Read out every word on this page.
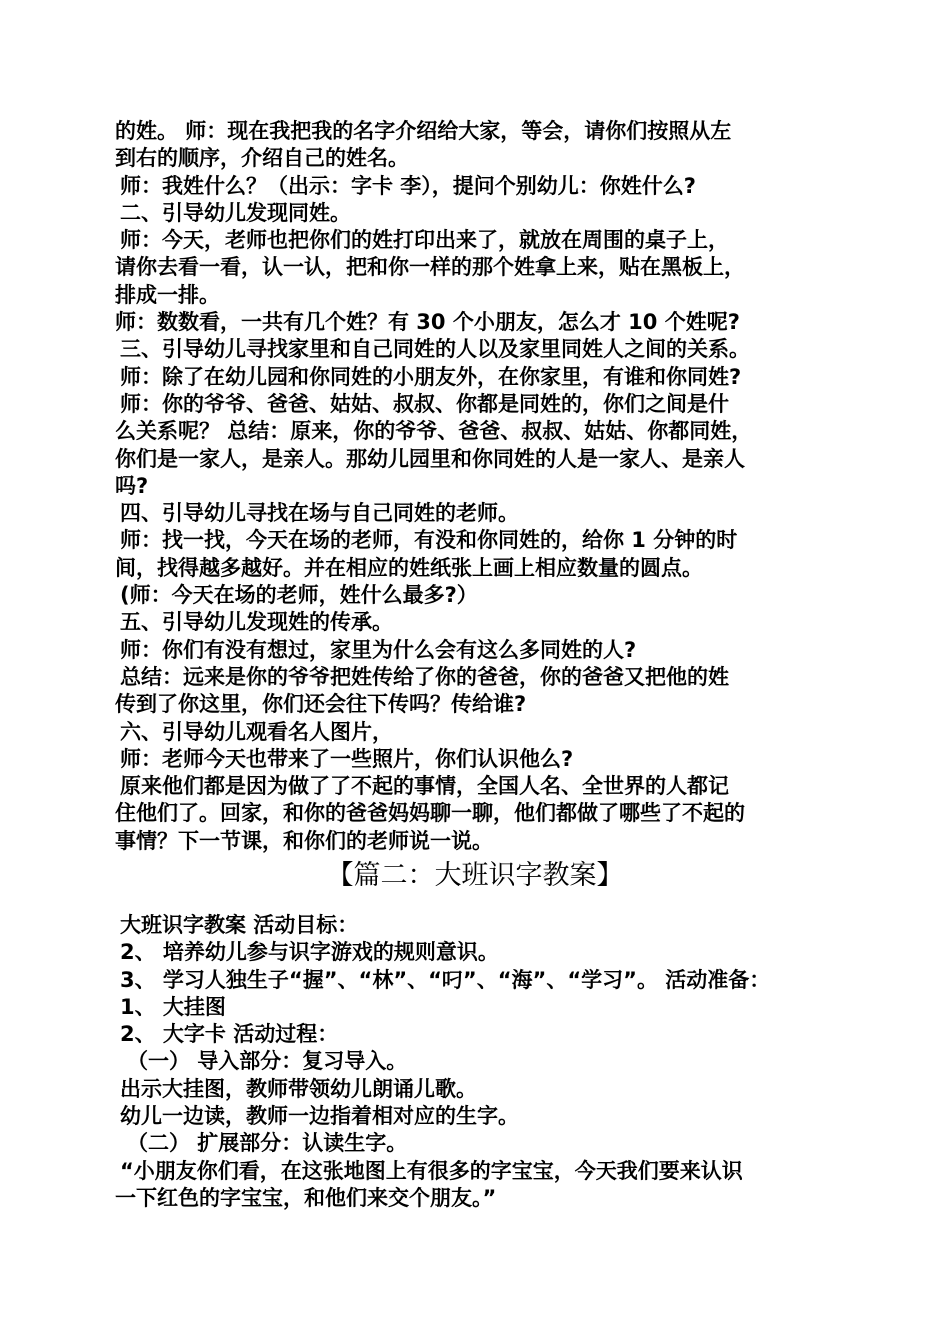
的姓。 师：现在我把我的名字介绍给大家，等会，请你们按照从左
到右的顺序，介绍自己的姓名。
师：我姓什么？（出示：字卡 李），提问个别幼儿：你姓什么?
二、引导幼儿发现同姓。
师：今天，老师也把你们的姓打印出来了，就放在周围的桌子上，
请你去看一看，认一认，把和你一样的那个姓拿上来，贴在黑板上，
排成一排。
师：数数看，一共有几个姓？有 30 个小朋友，怎么才 10 个姓呢?
三、引导幼儿寻找家里和自己同姓的人以及家里同姓人之间的关系。
师：除了在幼儿园和你同姓的小朋友外，在你家里，有谁和你同姓?
师：你的爷爷、爸爸、姑姑、叔叔、你都是同姓的，你们之间是什
么关系呢？ 总结：原来，你的爷爷、爸爸、叔叔、姑姑、你都同姓，
你们是一家人，是亲人。那幼儿园里和你同姓的人是一家人、是亲人
吗?
四、引导幼儿寻找在场与自己同姓的老师。
师：找一找，今天在场的老师，有没和你同姓的，给你 1 分钟的时
间，找得越多越好。并在相应的姓纸张上画上相应数量的圆点。
(师：今天在场的老师，姓什么最多?）
五、引导幼儿发现姓的传承。
师：你们有没有想过，家里为什么会有这么多同姓的人?
总结：远来是你的爷爷把姓传给了你的爸爸，你的爸爸又把他的姓
传到了你这里，你们还会往下传吗？传给谁?
六、引导幼儿观看名人图片，
师：老师今天也带来了一些照片，你们认识他么?
原来他们都是因为做了了不起的事情，全国人名、全世界的人都记
住他们了。回家，和你的爸爸妈妈聊一聊，他们都做了哪些了不起的
事情？下一节课，和你们的老师说一说。
【篇二：大班识字教案】
大班识字教案 活动目标：
2、 培养幼儿参与识字游戏的规则意识。
3、 学习人独生子“握”、“林”、“叼”、“海”、“学习”。 活动准备：
1、 大挂图
2、 大字卡 活动过程：
（一） 导入部分：复习导入。
出示大挂图，教师带领幼儿朗诵儿歌。
幼儿一边读，教师一边指着相对应的生字。
（二） 扩展部分：认读生字。
“小朋友你们看，在这张地图上有很多的字宝宝，今天我们要来认识
一下红色的字宝宝，和他们来交个朋友。”
